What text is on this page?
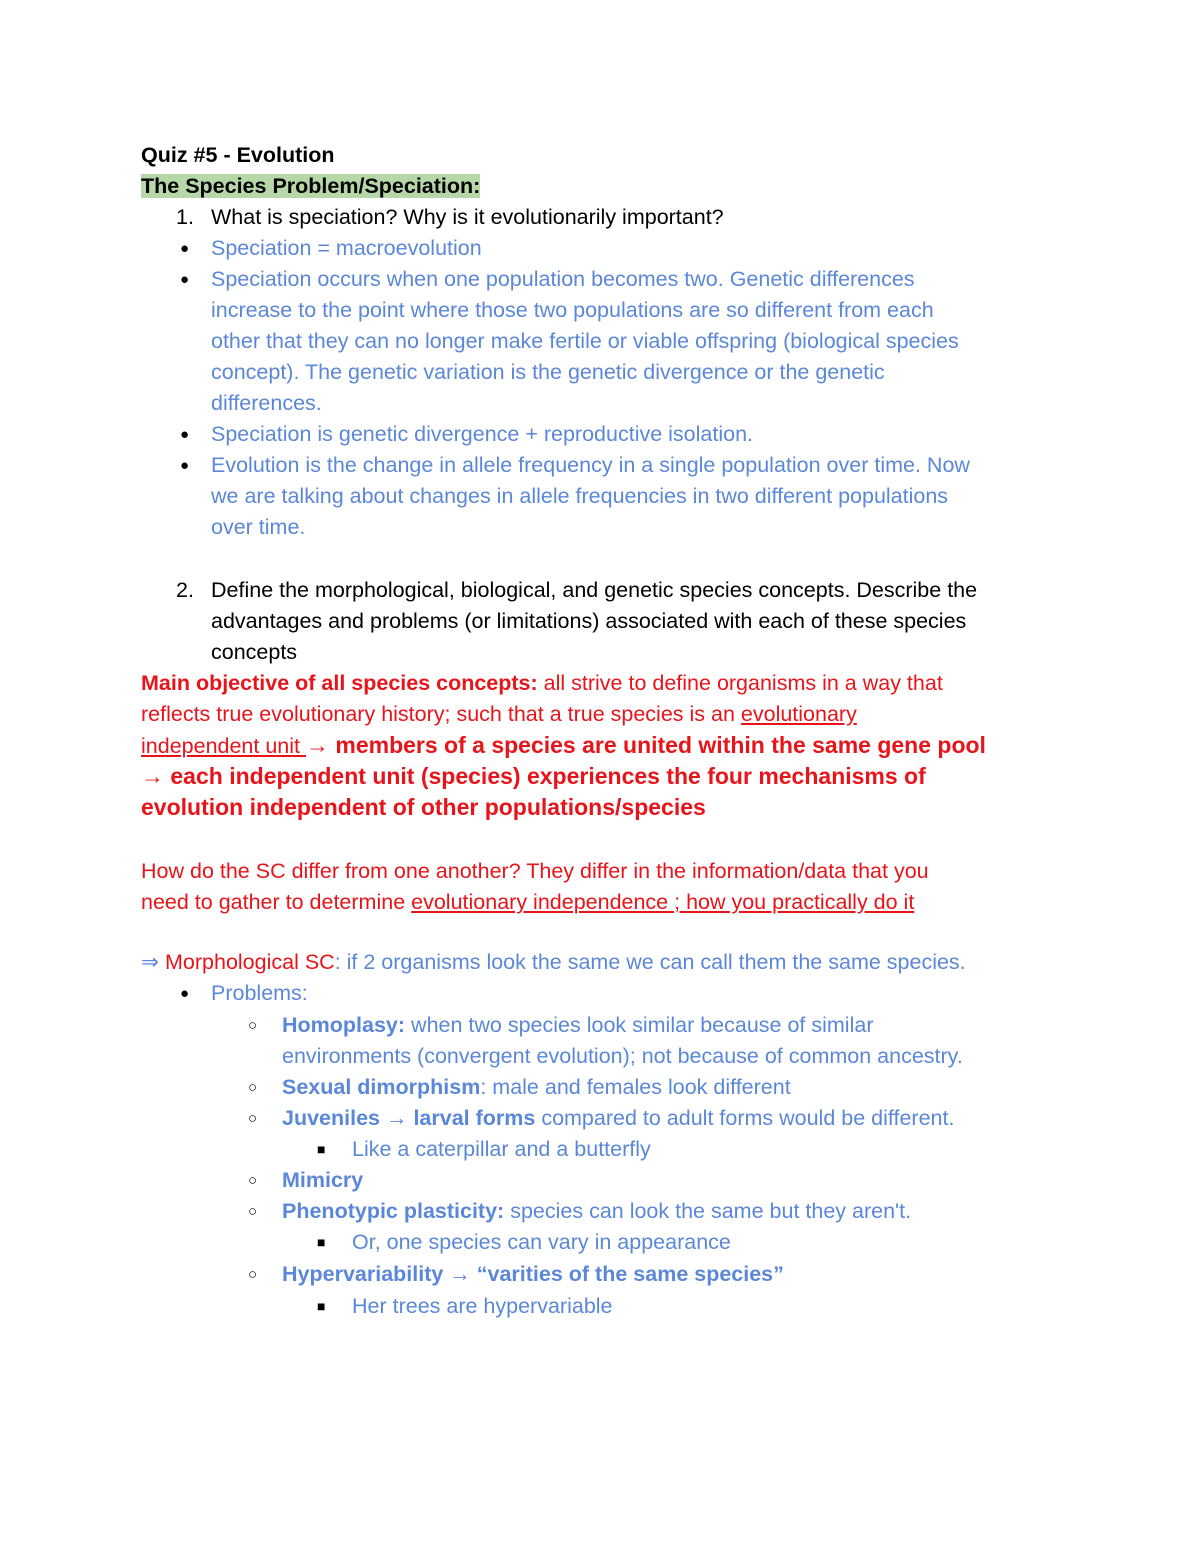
Quiz #5 - Evolution
The Species Problem/Speciation:
1. What is speciation? Why is it evolutionarily important?
● Speciation = macroevolution
● Speciation occurs when one population becomes two. Genetic differences
increase to the point where those two populations are so different from each
other that they can no longer make fertile or viable offspring (biological species
concept). The genetic variation is the genetic divergence or the genetic
differences.
● Speciation is genetic divergence + reproductive isolation.
● Evolution is the change in allele frequency in a single population over time. Now
we are talking about changes in allele frequencies in two different populations
over time.
2. Define the morphological, biological, and genetic species concepts. Describe the
advantages and problems (or limitations) associated with each of these species
concepts
Main objective of all species concepts: all strive to define organisms in a way that
reflects true evolutionary history; such that a true species is an evolutionary
independent unit → members of a species are united within the same gene pool
→ each independent unit (species) experiences the four mechanisms of
evolution independent of other populations/species
How do the SC differ from one another? They differ in the information/data that you
need to gather to determine evolutionary independence ; how you practically do it
⇒ Morphological SC: if 2 organisms look the same we can call them the same species.
● Problems:
○ Homoplasy: when two species look similar because of similar
environments (convergent evolution); not because of common ancestry.
○ Sexual dimorphism: male and females look different
○ Juveniles → larval forms compared to adult forms would be different.
■ Like a caterpillar and a butterfly
○ Mimicry
○ Phenotypic plasticity: species can look the same but they aren't.
■ Or, one species can vary in appearance
○ Hypervariability → “varities of the same species”
■ Her trees are hypervariable
